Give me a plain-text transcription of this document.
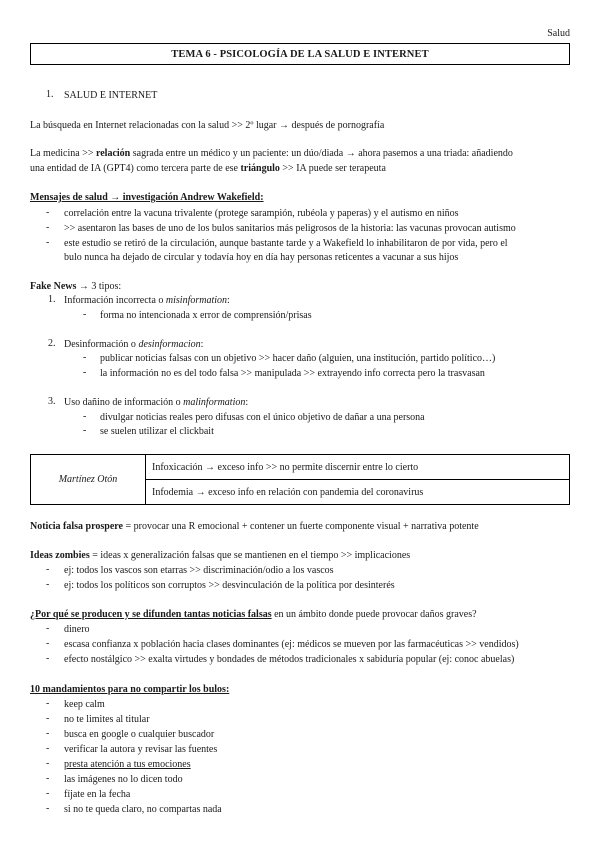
Salud
TEMA 6 - PSICOLOGÍA DE LA SALUD E INTERNET
1. SALUD E INTERNET
La búsqueda en Internet relacionadas con la salud >> 2º lugar → después de pornografía
La medicina >> relación sagrada entre un médico y un paciente: un dúo/diada → ahora pasemos a una triada: añadiendo
una entidad de IA (GPT4) como tercera parte de ese triángulo >> IA puede ser terapeuta
Mensajes de salud → investigación Andrew Wakefield:
- correlación entre la vacuna trivalente (protege sarampión, rubéola y paperas) y el autismo en niños
- >> asentaron las bases de uno de los bulos sanitarios más peligrosos de la historia: las vacunas provocan autismo
- este estudio se retiró de la circulación, aunque bastante tarde y a Wakefield lo inhabilitaron de por vida, pero el
bulo nunca ha dejado de circular y todavía hoy en día hay personas reticentes a vacunar a sus hijos
Fake News → 3 tipos:
1. Información incorrecta o misinformation:
- forma no intencionada x error de comprensión/prisas
2. Desinformación o desinformacion:
- publicar noticias falsas con un objetivo >> hacer daño (alguien, una institución, partido político…)
- la información no es del todo falsa >> manipulada >> extrayendo info correcta pero la trasvasan
3. Uso dañino de información o malinformation:
- divulgar noticias reales pero difusas con el único objetivo de dañar a una persona
- se suelen utilizar el clickbait
Martínez Otón	Infoxicación → exceso info >> no permite discernir entre lo cierto
Infodemia → exceso info en relación con pandemia del coronavirus
Noticia falsa prospere = provocar una R emocional + contener un fuerte componente visual + narrativa potente
Ideas zombies = ideas x generalización falsas que se mantienen en el tiempo >> implicaciones
- ej: todos los vascos son etarras >> discriminación/odio a los vascos
- ej: todos los políticos son corruptos >> desvinculación de la política por desinterés
¿Por qué se producen y se difunden tantas noticias falsas en un ámbito donde puede provocar daños graves?
- dinero
- escasa confianza x población hacia clases dominantes (ej: médicos se mueven por las farmacéuticas >> vendidos)
- efecto nostálgico >> exalta virtudes y bondades de métodos tradicionales x sabiduría popular (ej: conoc abuelas)
10 mandamientos para no compartir los bulos:
- keep calm
- no te limites al titular
- busca en google o cualquier buscador
- verificar la autora y revisar las fuentes
- presta atención a tus emociones
- las imágenes no lo dicen todo
- fíjate en la fecha
- si no te queda claro, no compartas nada
